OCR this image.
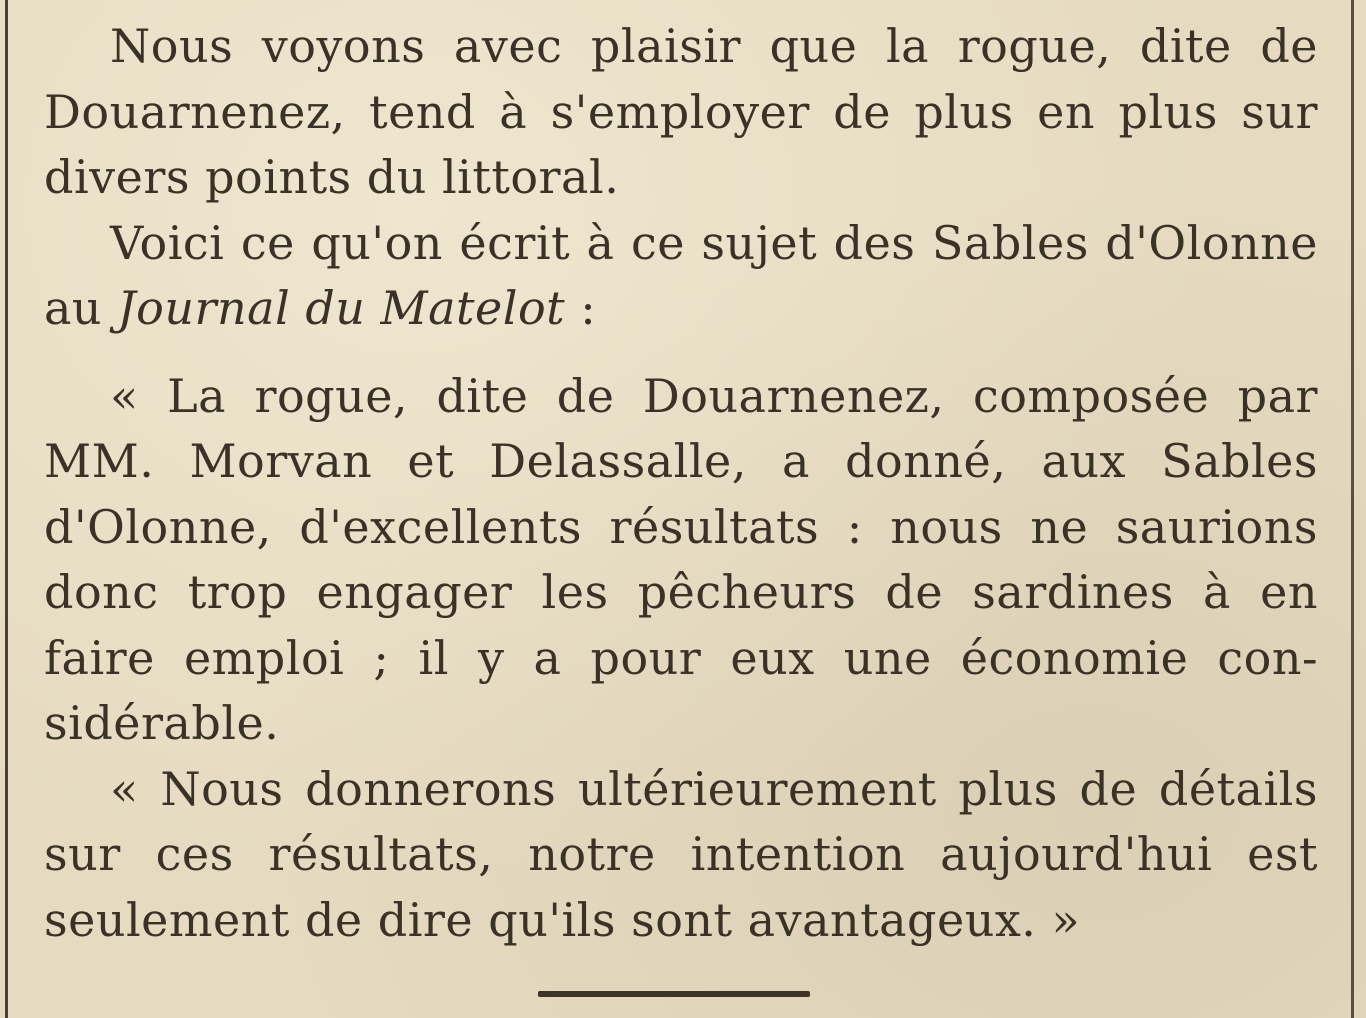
Nous voyons avec plaisir que la rogue, dite de
Douarnenez, tend à s'employer de plus en plus sur
divers points du littoral.
Voici ce qu'on écrit à ce sujet des Sables d'Olonne
au Journal du Matelot :
« La rogue, dite de Douarnenez, composée par
MM. Morvan et Delassalle, a donné, aux Sables
d'Olonne, d'excellents résultats : nous ne saurions
donc trop engager les pêcheurs de sardines à en
faire emploi ; il y a pour eux une économie con-
sidérable.
« Nous donnerons ultérieurement plus de détails
sur ces résultats, notre intention aujourd'hui est
seulement de dire qu'ils sont avantageux. »
